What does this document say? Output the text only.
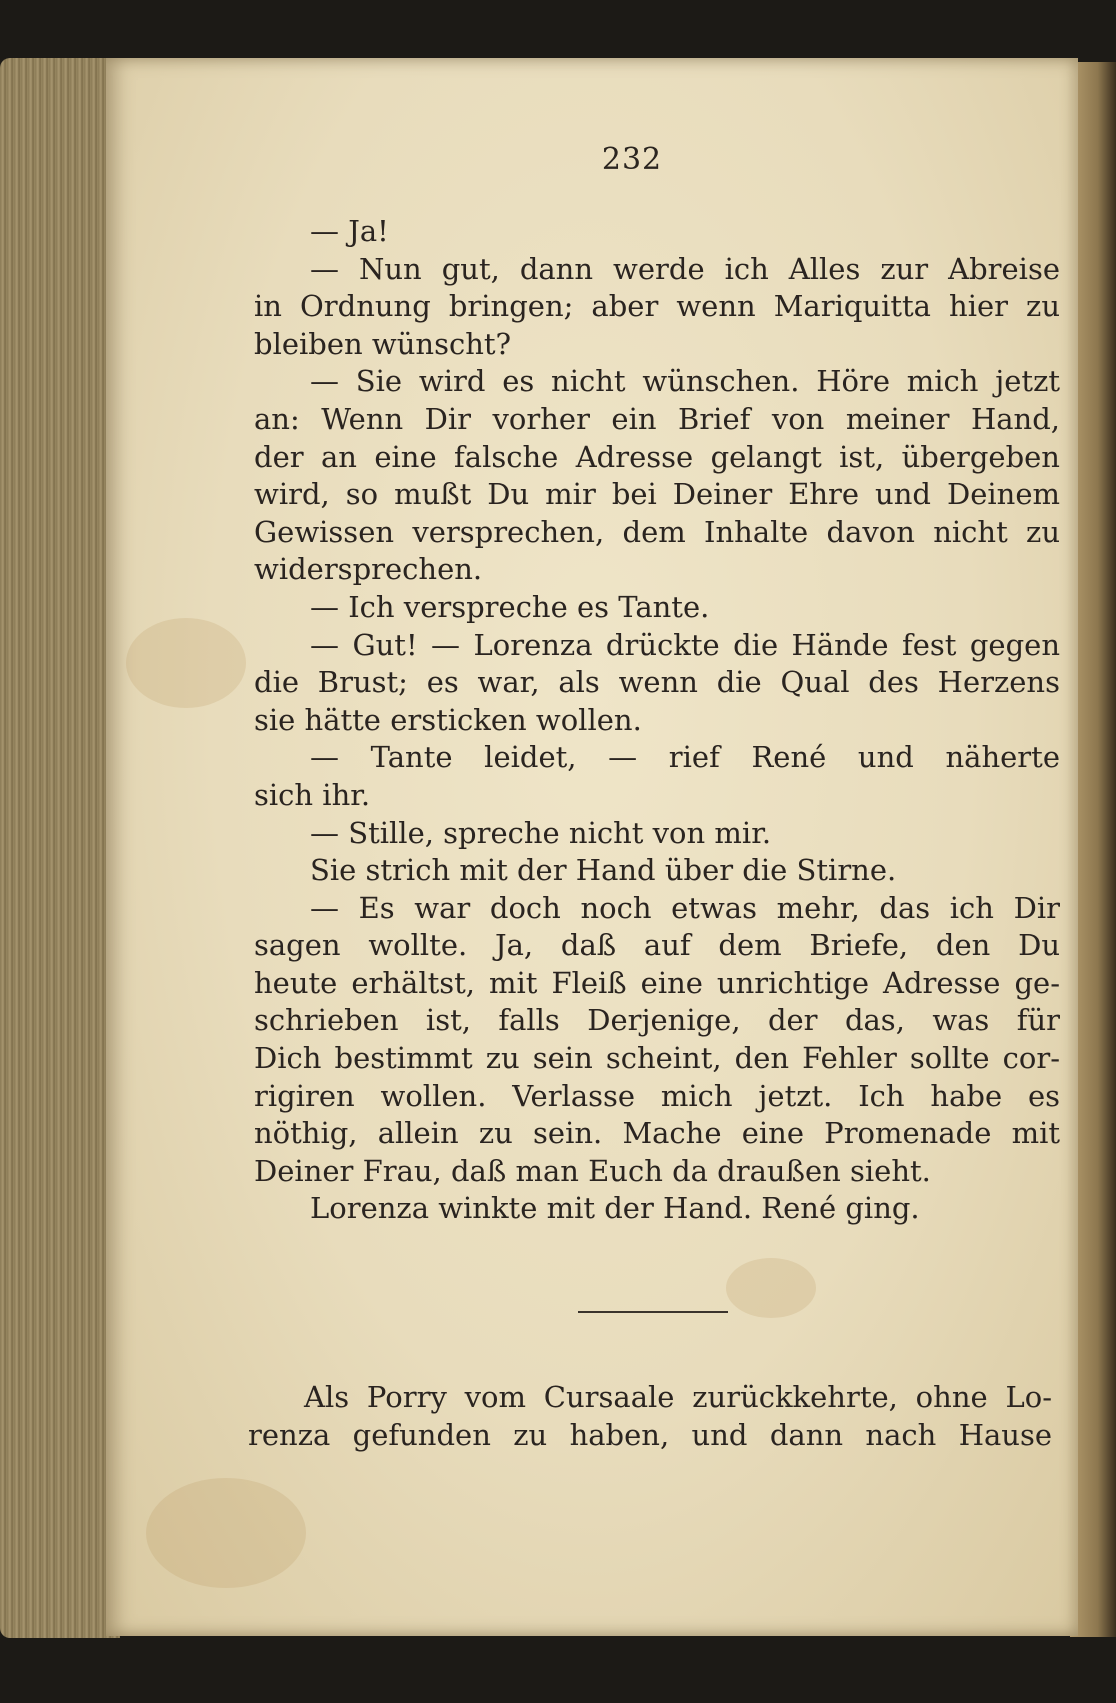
232
— Ja!
— Nun gut, dann werde ich Alles zur Abreise
in Ordnung bringen; aber wenn Mariquitta hier zu
bleiben wünscht?
— Sie wird es nicht wünschen. Höre mich jetzt
an: Wenn Dir vorher ein Brief von meiner Hand,
der an eine falsche Adresse gelangt ist, übergeben
wird, so mußt Du mir bei Deiner Ehre und Deinem
Gewissen versprechen, dem Inhalte davon nicht zu
widersprechen.
— Ich verspreche es Tante.
— Gut! — Lorenza drückte die Hände fest gegen
die Brust; es war, als wenn die Qual des Herzens
sie hätte ersticken wollen.
— Tante leidet, — rief René und näherte
sich ihr.
— Stille, spreche nicht von mir.
Sie strich mit der Hand über die Stirne.
— Es war doch noch etwas mehr, das ich Dir
sagen wollte. Ja, daß auf dem Briefe, den Du
heute erhältst, mit Fleiß eine unrichtige Adresse ge-
schrieben ist, falls Derjenige, der das, was für
Dich bestimmt zu sein scheint, den Fehler sollte cor-
rigiren wollen. Verlasse mich jetzt. Ich habe es
nöthig, allein zu sein. Mache eine Promenade mit
Deiner Frau, daß man Euch da draußen sieht.
Lorenza winkte mit der Hand. René ging.
Als Porry vom Cursaale zurückkehrte, ohne Lo-
renza gefunden zu haben, und dann nach Hause
